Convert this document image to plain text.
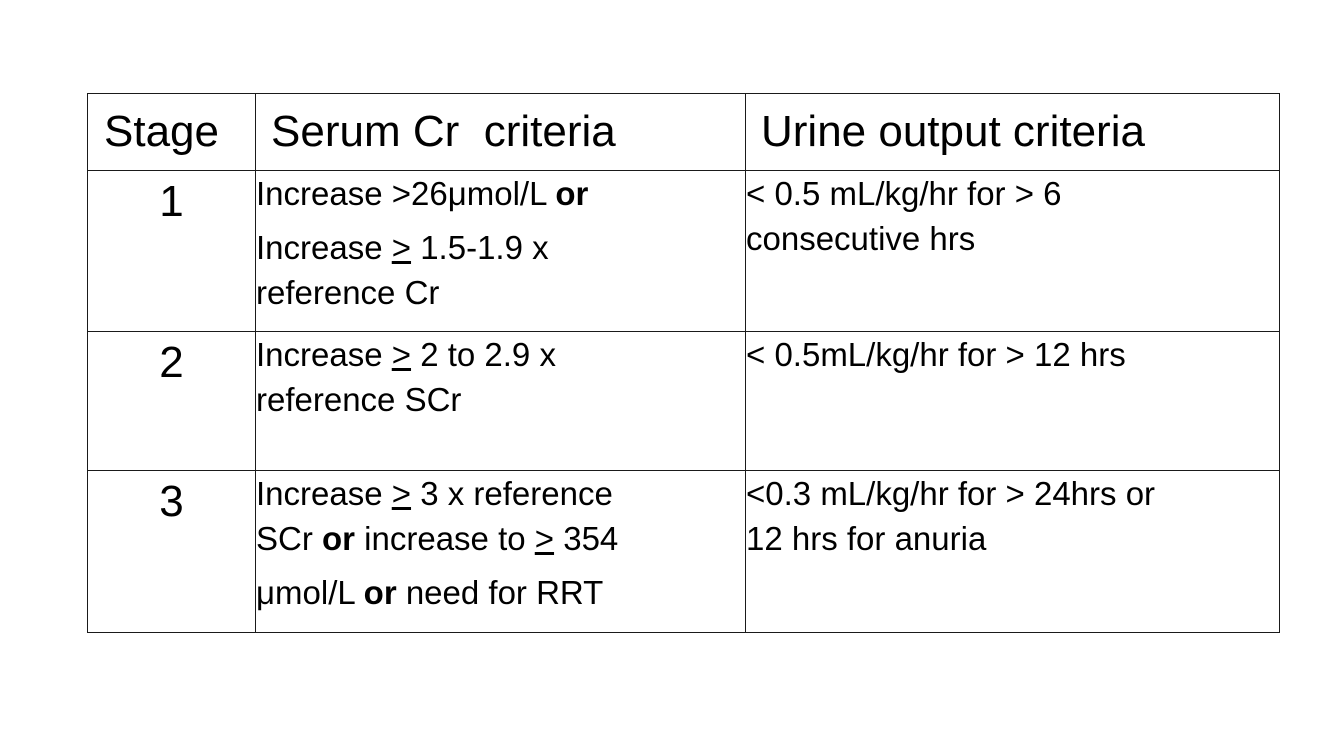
Stage	Serum Cr  criteria	Urine output criteria
1	Increase >26μmol/L or
Increase ≥ 1.5-1.9 x
reference Cr	< 0.5 mL/kg/hr for > 6
consecutive hrs

2	Increase ≥ 2 to 2.9 x
reference SCr	< 0.5mL/kg/hr for > 12 hrs

3	Increase ≥ 3 x reference
SCr or increase to ≥ 354
μmol/L or need for RRT	<0.3 mL/kg/hr for > 24hrs or
12 hrs for anuria
